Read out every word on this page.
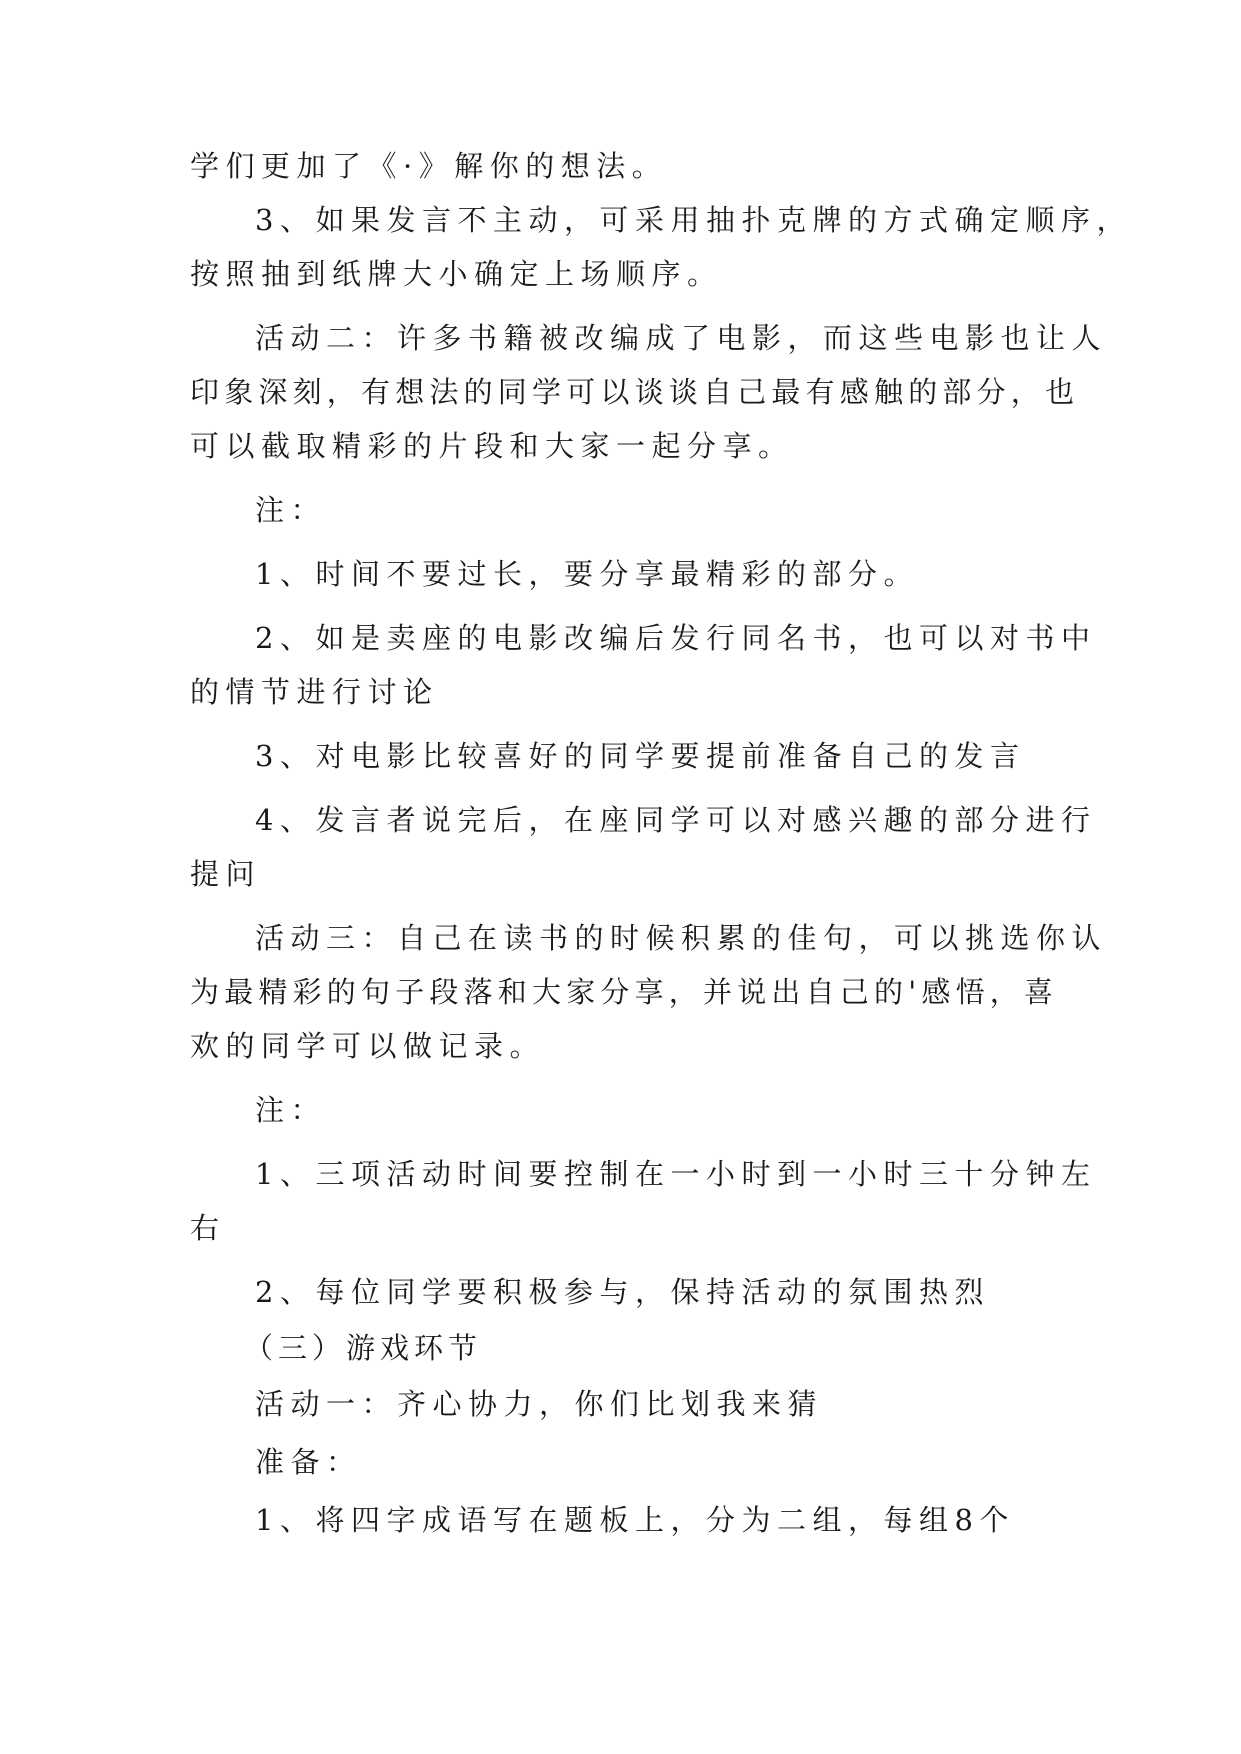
学们更加了《·》解你的想法。
3、如果发言不主动，可采用抽扑克牌的方式确定顺序，
按照抽到纸牌大小确定上场顺序。
活动二：许多书籍被改编成了电影，而这些电影也让人
印象深刻，有想法的同学可以谈谈自己最有感触的部分，也
可以截取精彩的片段和大家一起分享。
注：
1、时间不要过长，要分享最精彩的部分。
2、如是卖座的电影改编后发行同名书，也可以对书中
的情节进行讨论
3、对电影比较喜好的同学要提前准备自己的发言
4、发言者说完后，在座同学可以对感兴趣的部分进行
提问
活动三：自己在读书的时候积累的佳句，可以挑选你认
为最精彩的句子段落和大家分享，并说出自己的'感悟，喜
欢的同学可以做记录。
注：
1、三项活动时间要控制在一小时到一小时三十分钟左
右
2、每位同学要积极参与，保持活动的氛围热烈
（三）游戏环节
活动一：齐心协力，你们比划我来猜
准备：
1、将四字成语写在题板上，分为二组，每组8个
